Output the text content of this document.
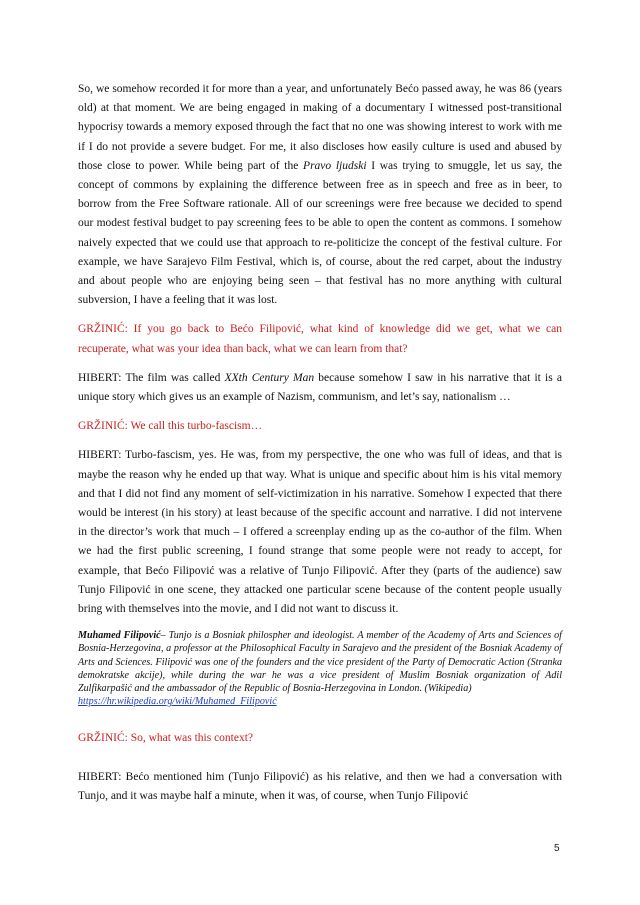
So, we somehow recorded it for more than a year, and unfortunately Bećo passed away, he was 86 (years old) at that moment. We are being engaged in making of a documentary I witnessed post-transitional hypocrisy towards a memory exposed through the fact that no one was showing interest to work with me if I do not provide a severe budget. For me, it also discloses how easily culture is used and abused by those close to power. While being part of the Pravo ljudski I was trying to smuggle, let us say, the concept of commons by explaining the difference between free as in speech and free as in beer, to borrow from the Free Software rationale. All of our screenings were free because we decided to spend our modest festival budget to pay screening fees to be able to open the content as commons. I somehow naively expected that we could use that approach to re-politicize the concept of the festival culture. For example, we have Sarajevo Film Festival, which is, of course, about the red carpet, about the industry and about people who are enjoying being seen – that festival has no more anything with cultural subversion, I have a feeling that it was lost.

GRŽINIĆ: If you go back to Bećo Filipović, what kind of knowledge did we get, what we can recuperate, what was your idea than back, what we can learn from that?

HIBERT: The film was called XXth Century Man because somehow I saw in his narrative that it is a unique story which gives us an example of Nazism, communism, and let’s say, nationalism …

GRŽINIĆ: We call this turbo-fascism…

HIBERT: Turbo-fascism, yes. He was, from my perspective, the one who was full of ideas, and that is maybe the reason why he ended up that way. What is unique and specific about him is his vital memory and that I did not find any moment of self-victimization in his narrative. Somehow I expected that there would be interest (in his story) at least because of the specific account and narrative. I did not intervene in the director’s work that much – I offered a screenplay ending up as the co-author of the film. When we had the first public screening, I found strange that some people were not ready to accept, for example, that Bećo Filipović was a relative of Tunjo Filipović. After they (parts of the audience) saw Tunjo Filipović in one scene, they attacked one particular scene because of the content people usually bring with themselves into the movie, and I did not want to discuss it.

Muhamed Filipović– Tunjo is a Bosniak philospher and ideologist. A member of the Academy of Arts and Sciences of Bosnia-Herzegovina, a professor at the Philosophical Faculty in Sarajevo and the president of the Bosniak Academy of Arts and Sciences. Filipović was one of the founders and the vice president of the Party of Democratic Action (Stranka demokratske akcije), while during the war he was a vice president of Muslim Bosniak organization of Adil Zulfikarpašić and the ambassador of the Republic of Bosnia-Herzegovina in London. (Wikipedia)
https://hr.wikipedia.org/wiki/Muhamed_Filipović

GRŽINIĆ: So, what was this context?

HIBERT: Bećo mentioned him (Tunjo Filipović) as his relative, and then we had a conversation with Tunjo, and it was maybe half a minute, when it was, of course, when Tunjo Filipović

5
